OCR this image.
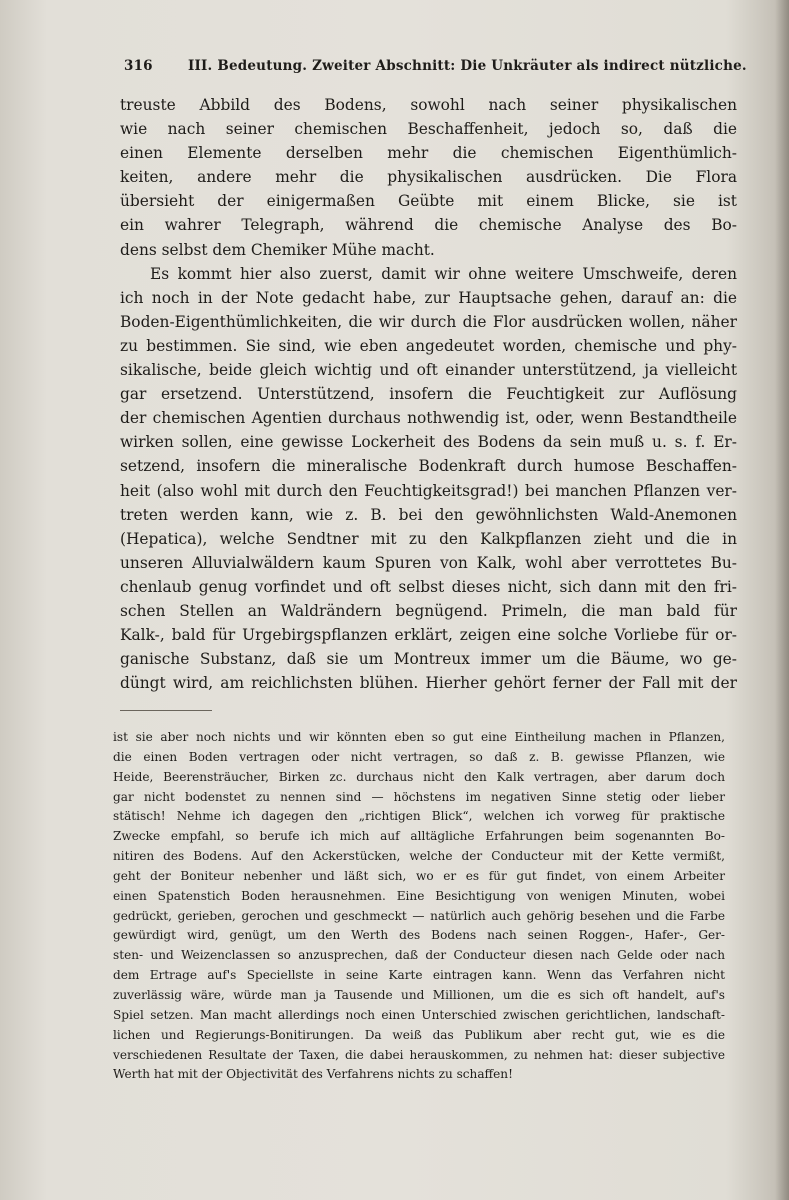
316	III. Bedeutung. Zweiter Abschnitt: Die Unkräuter als indirect nützliche.
treuste Abbild des Bodens, sowohl nach seiner physikalischen
wie nach seiner chemischen Beschaffenheit, jedoch so, daß die
einen Elemente derselben mehr die chemischen Eigenthümlich-
keiten, andere mehr die physikalischen ausdrücken. Die Flora
übersieht der einigermaßen Geübte mit einem Blicke, sie ist
ein wahrer Telegraph, während die chemische Analyse des Bo-
dens selbst dem Chemiker Mühe macht.
Es kommt hier also zuerst, damit wir ohne weitere Umschweife, deren
ich noch in der Note gedacht habe, zur Hauptsache gehen, darauf an: die
Boden-Eigenthümlichkeiten, die wir durch die Flor ausdrücken wollen, näher
zu bestimmen. Sie sind, wie eben angedeutet worden, chemische und phy-
sikalische, beide gleich wichtig und oft einander unterstützend, ja vielleicht
gar ersetzend. Unterstützend, insofern die Feuchtigkeit zur Auflösung
der chemischen Agentien durchaus nothwendig ist, oder, wenn Bestandtheile
wirken sollen, eine gewisse Lockerheit des Bodens da sein muß u. s. f. Er-
setzend, insofern die mineralische Bodenkraft durch humose Beschaffen-
heit (also wohl mit durch den Feuchtigkeitsgrad!) bei manchen Pflanzen ver-
treten werden kann, wie z. B. bei den gewöhnlichsten Wald-Anemonen
(Hepatica), welche Sendtner mit zu den Kalkpflanzen zieht und die in
unseren Alluvialwäldern kaum Spuren von Kalk, wohl aber verrottetes Bu-
chenlaub genug vorfindet und oft selbst dieses nicht, sich dann mit den fri-
schen Stellen an Waldrändern begnügend. Primeln, die man bald für
Kalk-, bald für Urgebirgspflanzen erklärt, zeigen eine solche Vorliebe für or-
ganische Substanz, daß sie um Montreux immer um die Bäume, wo ge-
düngt wird, am reichlichsten blühen. Hierher gehört ferner der Fall mit der
ist sie aber noch nichts und wir könnten eben so gut eine Eintheilung machen in Pflanzen,
die einen Boden vertragen oder nicht vertragen, so daß z. B. gewisse Pflanzen, wie
Heide, Beerensträucher, Birken zc. durchaus nicht den Kalk vertragen, aber darum doch
gar nicht bodenstet zu nennen sind — höchstens im negativen Sinne stetig oder lieber
stätisch! Nehme ich dagegen den „richtigen Blick“, welchen ich vorweg für praktische
Zwecke empfahl, so berufe ich mich auf alltägliche Erfahrungen beim sogenannten Bo-
nitiren des Bodens. Auf den Ackerstücken, welche der Conducteur mit der Kette vermißt,
geht der Boniteur nebenher und läßt sich, wo er es für gut findet, von einem Arbeiter
einen Spatenstich Boden herausnehmen. Eine Besichtigung von wenigen Minuten, wobei
gedrückt, gerieben, gerochen und geschmeckt — natürlich auch gehörig besehen und die Farbe
gewürdigt wird, genügt, um den Werth des Bodens nach seinen Roggen-, Hafer-, Ger-
sten- und Weizenclassen so anzusprechen, daß der Conducteur diesen nach Gelde oder nach
dem Ertrage auf's Speciellste in seine Karte eintragen kann. Wenn das Verfahren nicht
zuverlässig wäre, würde man ja Tausende und Millionen, um die es sich oft handelt, auf's
Spiel setzen. Man macht allerdings noch einen Unterschied zwischen gerichtlichen, landschaft-
lichen und Regierungs-Bonitirungen. Da weiß das Publikum aber recht gut, wie es die
verschiedenen Resultate der Taxen, die dabei herauskommen, zu nehmen hat: dieser subjective
Werth hat mit der Objectivität des Verfahrens nichts zu schaffen!
